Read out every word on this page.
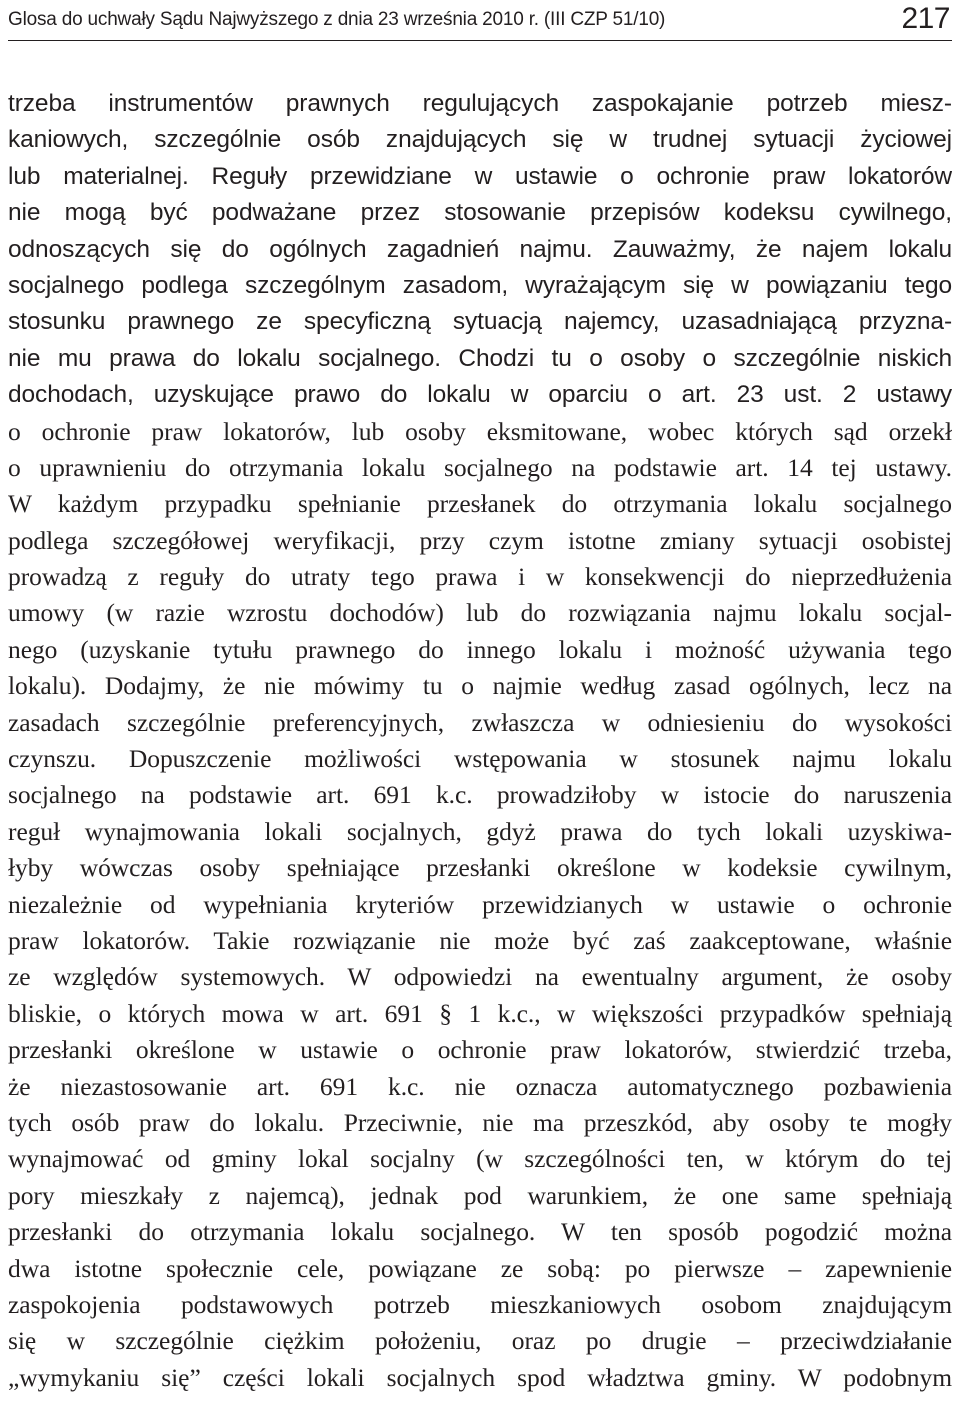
Glosa do uchwały Sądu Najwyższego z dnia 23 września 2010 r. (III CZP 51/10)	217
trzeba instrumentów prawnych regulujących zaspokajanie potrzeb miesz-
kaniowych, szczególnie osób znajdujących się w trudnej sytuacji życiowej
lub materialnej. Reguły przewidziane w ustawie o ochronie praw lokatorów
nie mogą być podważane przez stosowanie przepisów kodeksu cywilnego,
odnoszących się do ogólnych zagadnień najmu. Zauważmy, że najem lokalu
socjalnego podlega szczególnym zasadom, wyrażającym się w powiązaniu tego
stosunku prawnego ze specyficzną sytuacją najemcy, uzasadniającą przyzna-
nie mu prawa do lokalu socjalnego. Chodzi tu o osoby o szczególnie niskich
dochodach, uzyskujące prawo do lokalu w oparciu o art. 23 ust. 2 ustawy
o ochronie praw lokatorów, lub osoby eksmitowane, wobec których sąd orzekł
o uprawnieniu do otrzymania lokalu socjalnego na podstawie art. 14 tej ustawy.
W każdym przypadku spełnianie przesłanek do otrzymania lokalu socjalnego
podlega szczegółowej weryfikacji, przy czym istotne zmiany sytuacji osobistej
prowadzą z reguły do utraty tego prawa i w konsekwencji do nieprzedłużenia
umowy (w razie wzrostu dochodów) lub do rozwiązania najmu lokalu socjal-
nego (uzyskanie tytułu prawnego do innego lokalu i możność używania tego
lokalu). Dodajmy, że nie mówimy tu o najmie według zasad ogólnych, lecz na
zasadach szczególnie preferencyjnych, zwłaszcza w odniesieniu do wysokości
czynszu. Dopuszczenie możliwości wstępowania w stosunek najmu lokalu
socjalnego na podstawie art. 691 k.c. prowadziłoby w istocie do naruszenia
reguł wynajmowania lokali socjalnych, gdyż prawa do tych lokali uzyskiwa-
łyby wówczas osoby spełniające przesłanki określone w kodeksie cywilnym,
niezależnie od wypełniania kryteriów przewidzianych w ustawie o ochronie
praw lokatorów. Takie rozwiązanie nie może być zaś zaakceptowane, właśnie
ze względów systemowych. W odpowiedzi na ewentualny argument, że osoby
bliskie, o których mowa w art. 691 § 1 k.c., w większości przypadków spełniają
przesłanki określone w ustawie o ochronie praw lokatorów, stwierdzić trzeba,
że niezastosowanie art. 691 k.c. nie oznacza automatycznego pozbawienia
tych osób praw do lokalu. Przeciwnie, nie ma przeszkód, aby osoby te mogły
wynajmować od gminy lokal socjalny (w szczególności ten, w którym do tej
pory mieszkały z najemcą), jednak pod warunkiem, że one same spełniają
przesłanki do otrzymania lokalu socjalnego. W ten sposób pogodzić można
dwa istotne społecznie cele, powiązane ze sobą: po pierwsze – zapewnienie
zaspokojenia podstawowych potrzeb mieszkaniowych osobom znajdującym
się w szczególnie ciężkim położeniu, oraz po drugie – przeciwdziałanie
„wymykaniu się” części lokali socjalnych spod władztwa gminy. W podobnym
